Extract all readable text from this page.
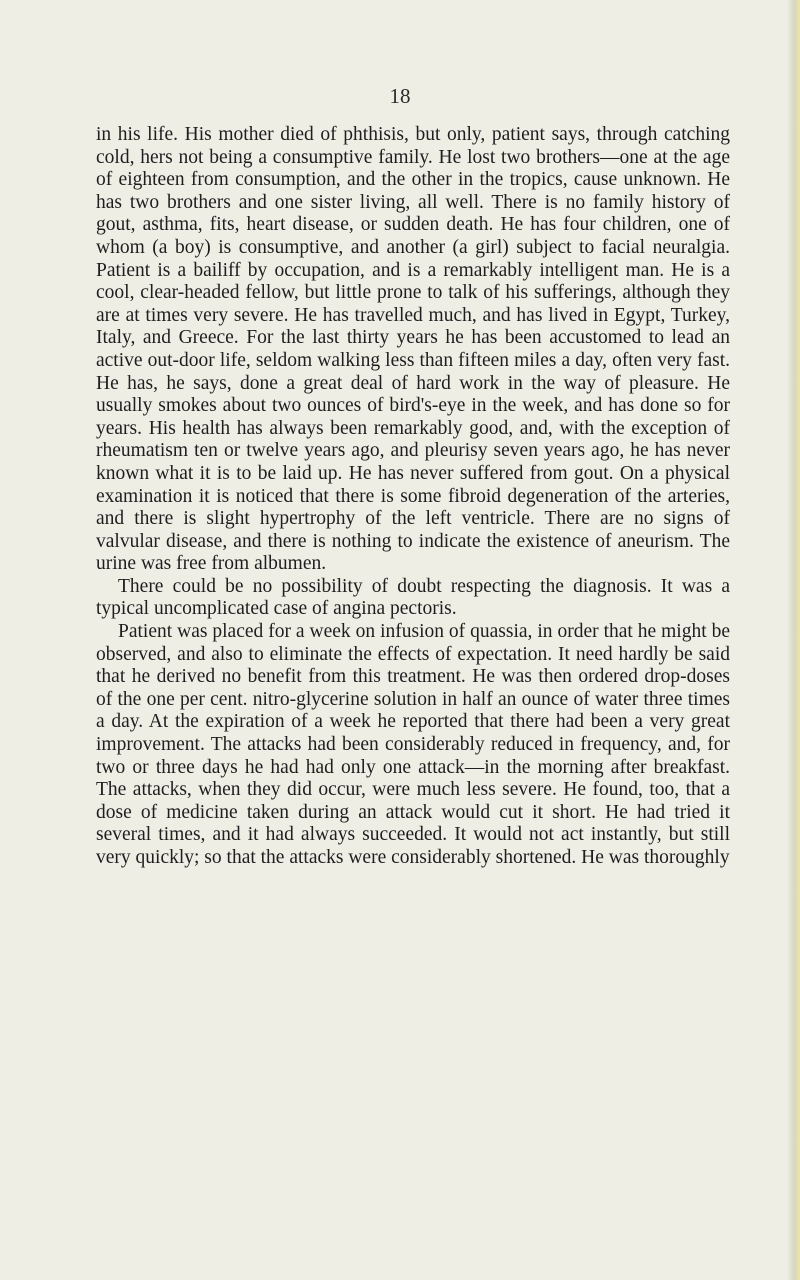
18

in his life. His mother died of phthisis, but only, patient says, through catching cold, hers not being a consumptive family. He lost two brothers—one at the age of eighteen from consumption, and the other in the tropics, cause unknown. He has two brothers and one sister living, all well. There is no family history of gout, asthma, fits, heart disease, or sudden death. He has four children, one of whom (a boy) is consumptive, and another (a girl) subject to facial neuralgia. Patient is a bailiff by occupation, and is a remarkably intelligent man. He is a cool, clear-headed fellow, but little prone to talk of his sufferings, although they are at times very severe. He has travelled much, and has lived in Egypt, Turkey, Italy, and Greece. For the last thirty years he has been accustomed to lead an active out-door life, seldom walking less than fifteen miles a day, often very fast. He has, he says, done a great deal of hard work in the way of pleasure. He usually smokes about two ounces of bird's-eye in the week, and has done so for years. His health has always been remarkably good, and, with the exception of rheumatism ten or twelve years ago, and pleurisy seven years ago, he has never known what it is to be laid up. He has never suffered from gout. On a physical examination it is noticed that there is some fibroid degeneration of the arteries, and there is slight hypertrophy of the left ventricle. There are no signs of valvular disease, and there is nothing to indicate the existence of aneurism. The urine was free from albumen.

There could be no possibility of doubt respecting the diagnosis. It was a typical uncomplicated case of angina pectoris.

Patient was placed for a week on infusion of quassia, in order that he might be observed, and also to eliminate the effects of expectation. It need hardly be said that he derived no benefit from this treatment. He was then ordered drop-doses of the one per cent. nitro-glycerine solution in half an ounce of water three times a day. At the expiration of a week he reported that there had been a very great improvement. The attacks had been considerably reduced in frequency, and, for two or three days he had had only one attack—in the morning after breakfast. The attacks, when they did occur, were much less severe. He found, too, that a dose of medicine taken during an attack would cut it short. He had tried it several times, and it had always succeeded. It would not act instantly, but still very quickly; so that the attacks were considerably shortened. He was thoroughly
